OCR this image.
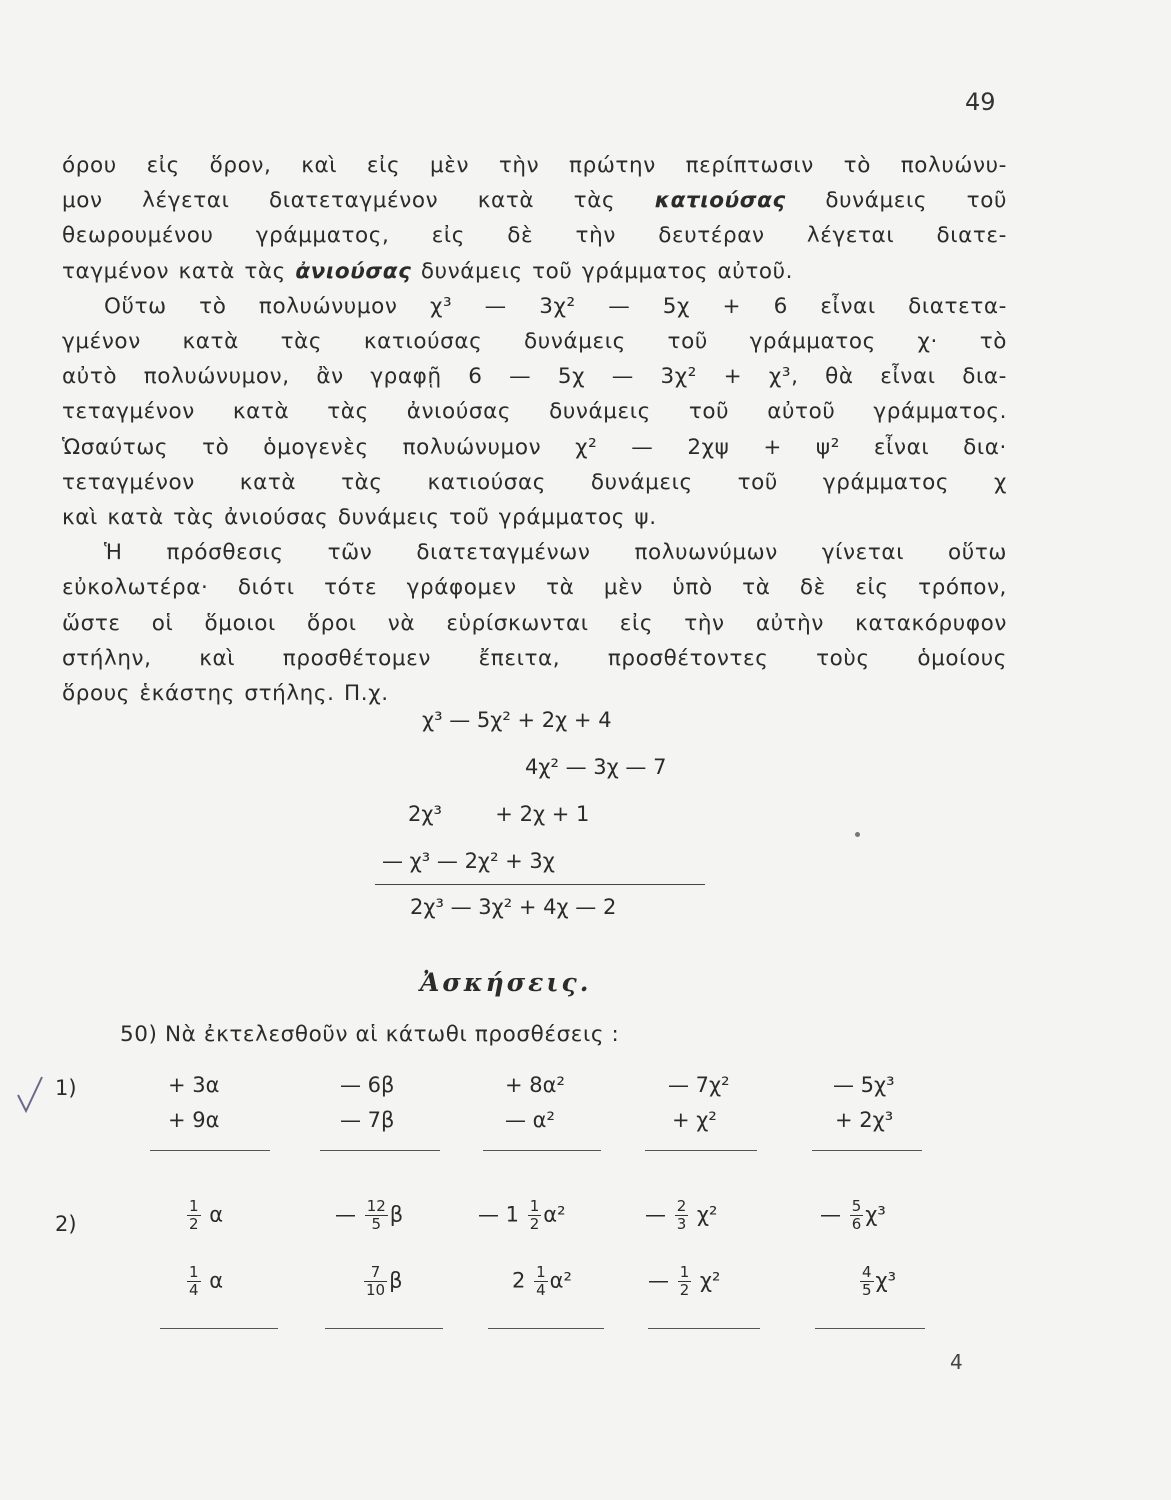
49

όρου εἰς ὅρον, καὶ εἰς μὲν τὴν πρώτην περίπτωσιν τὸ πολυώνυ-
μον λέγεται διατεταγμένον κατὰ τὰς κατιούσας δυνάμεις τοῦ
θεωρουμένου γράμματος, εἰς δὲ τὴν δευτέραν λέγεται διατε-
ταγμένον κατὰ τὰς ἀνιούσας δυνάμεις τοῦ γράμματος αὐτοῦ.

Οὕτω τὸ πολυώνυμον χ³ — 3χ² — 5χ + 6 εἶναι διατετα-
γμένον κατὰ τὰς κατιούσας δυνάμεις τοῦ γράμματος χ· τὸ
αὐτὸ πολυώνυμον, ἂν γραφῇ 6 — 5χ — 3χ² + χ³, θὰ εἶναι δια-
τεταγμένον κατὰ τὰς ἀνιούσας δυνάμεις τοῦ αὐτοῦ γράμματος.
Ὡσαύτως τὸ ὁμογενὲς πολυώνυμον χ² — 2χψ + ψ² εἶναι δια·
τεταγμένον κατὰ τὰς κατιούσας δυνάμεις τοῦ γράμματος χ
καὶ κατὰ τὰς ἀνιούσας δυνάμεις τοῦ γράμματος ψ.

Ἡ πρόσθεσις τῶν διατεταγμένων πολυωνύμων γίνεται οὕτω
εὐκολωτέρα· διότι τότε γράφομεν τὰ μὲν ὑπὸ τὰ δὲ εἰς τρόπον,
ὥστε οἱ ὅμοιοι ὅροι νὰ εὑρίσκωνται εἰς τὴν αὐτὴν κατακόρυφον
στήλην, καὶ προσθέτομεν ἔπειτα, προσθέτοντες τοὺς ὁμοίους
ὅρους ἑκάστης στήλης. Π.χ.

χ³ — 5χ² + 2χ + 4
4χ² — 3χ — 7
2χ³        + 2χ + 1
— χ³ — 2χ² + 3χ
2χ³ — 3χ² + 4χ — 2
Ἀσκήσεις.
50) Νὰ ἐκτελεσθοῦν αἱ κάτωθι προσθέσεις :
1)
2)
+ 3α
+ 9α
— 6β
— 7β
+ 8α²
— α²
— 7χ²
+ χ²
— 5χ³
+ 2χ³
$\frac{1}{2}$ α
$\frac{1}{4}$ α
— $\frac{12}{5}$ β
$\frac{7}{10}$ β
— $1 \frac{1}{2} \alpha^2$
$2 \frac{1}{4} \alpha^2$
— $\frac{2}{3} \chi^2$
— $\frac{1}{2} \chi^2$
— $\frac{5}{6} \chi^3$
$\frac{4}{5} \chi^3$
4
